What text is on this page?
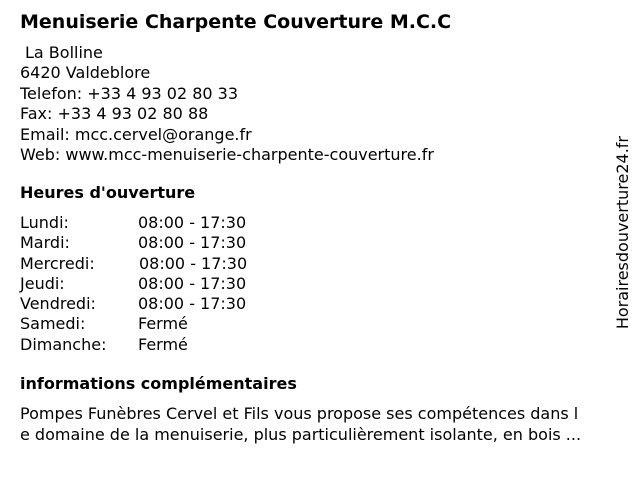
Menuiserie Charpente Couverture M.C.C
La Bolline
6420 Valdeblore
Telefon: +33 4 93 02 80 33
Fax: +33 4 93 02 80 88
Email: mcc.cervel@orange.fr
Web: www.mcc-menuiserie-charpente-couverture.fr
Heures d'ouverture
Lundi:	08:00 - 17:30
Mardi:	08:00 - 17:30
Mercredi:	08:00 - 17:30
Jeudi:	08:00 - 17:30
Vendredi:	08:00 - 17:30
Samedi:	Fermé
Dimanche: Fermé
informations complémentaires
Pompes Funèbres Cervel et Fils vous propose ses compétences dans l
e domaine de la menuiserie, plus particulièrement isolante, en bois ...
Horairesdouverture24.fr
